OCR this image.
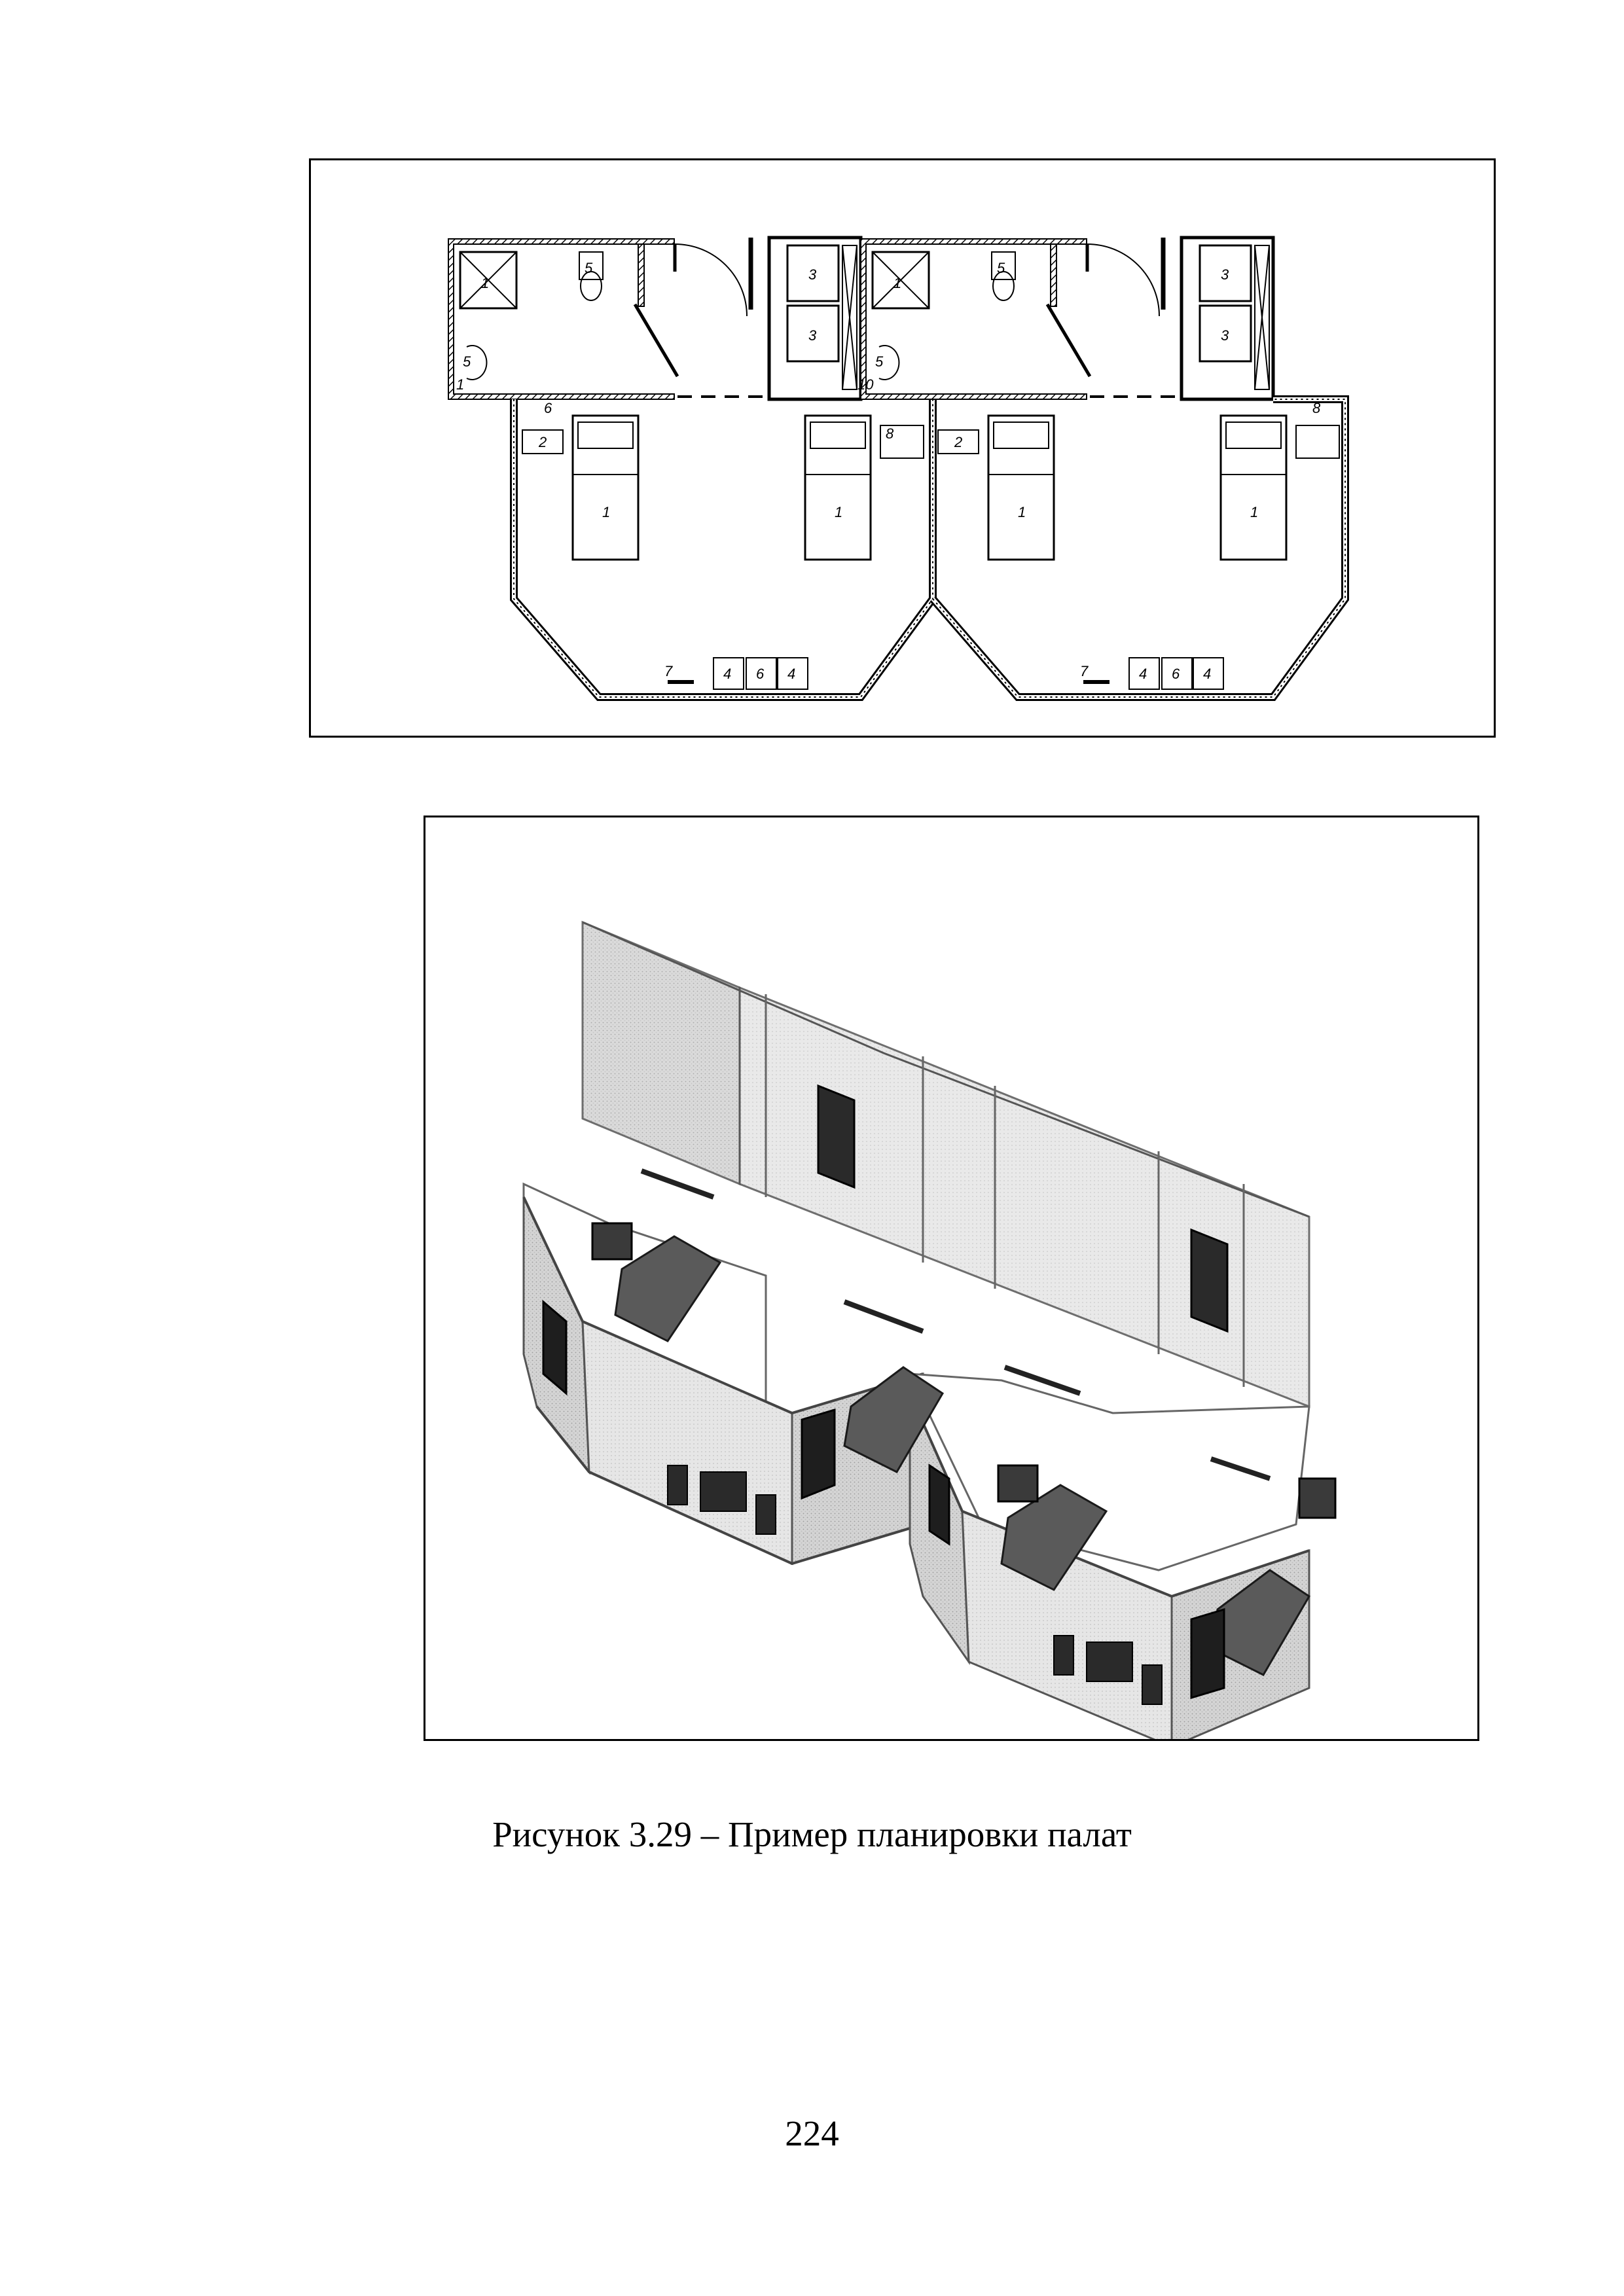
1
5
5
1
3
3
2
6
1	1
8
4 6 4
7
10
1
5
5
3
3
2
1	1
8
4 6 4
7
Рисунок 3.29 – Пример планировки палат
224
